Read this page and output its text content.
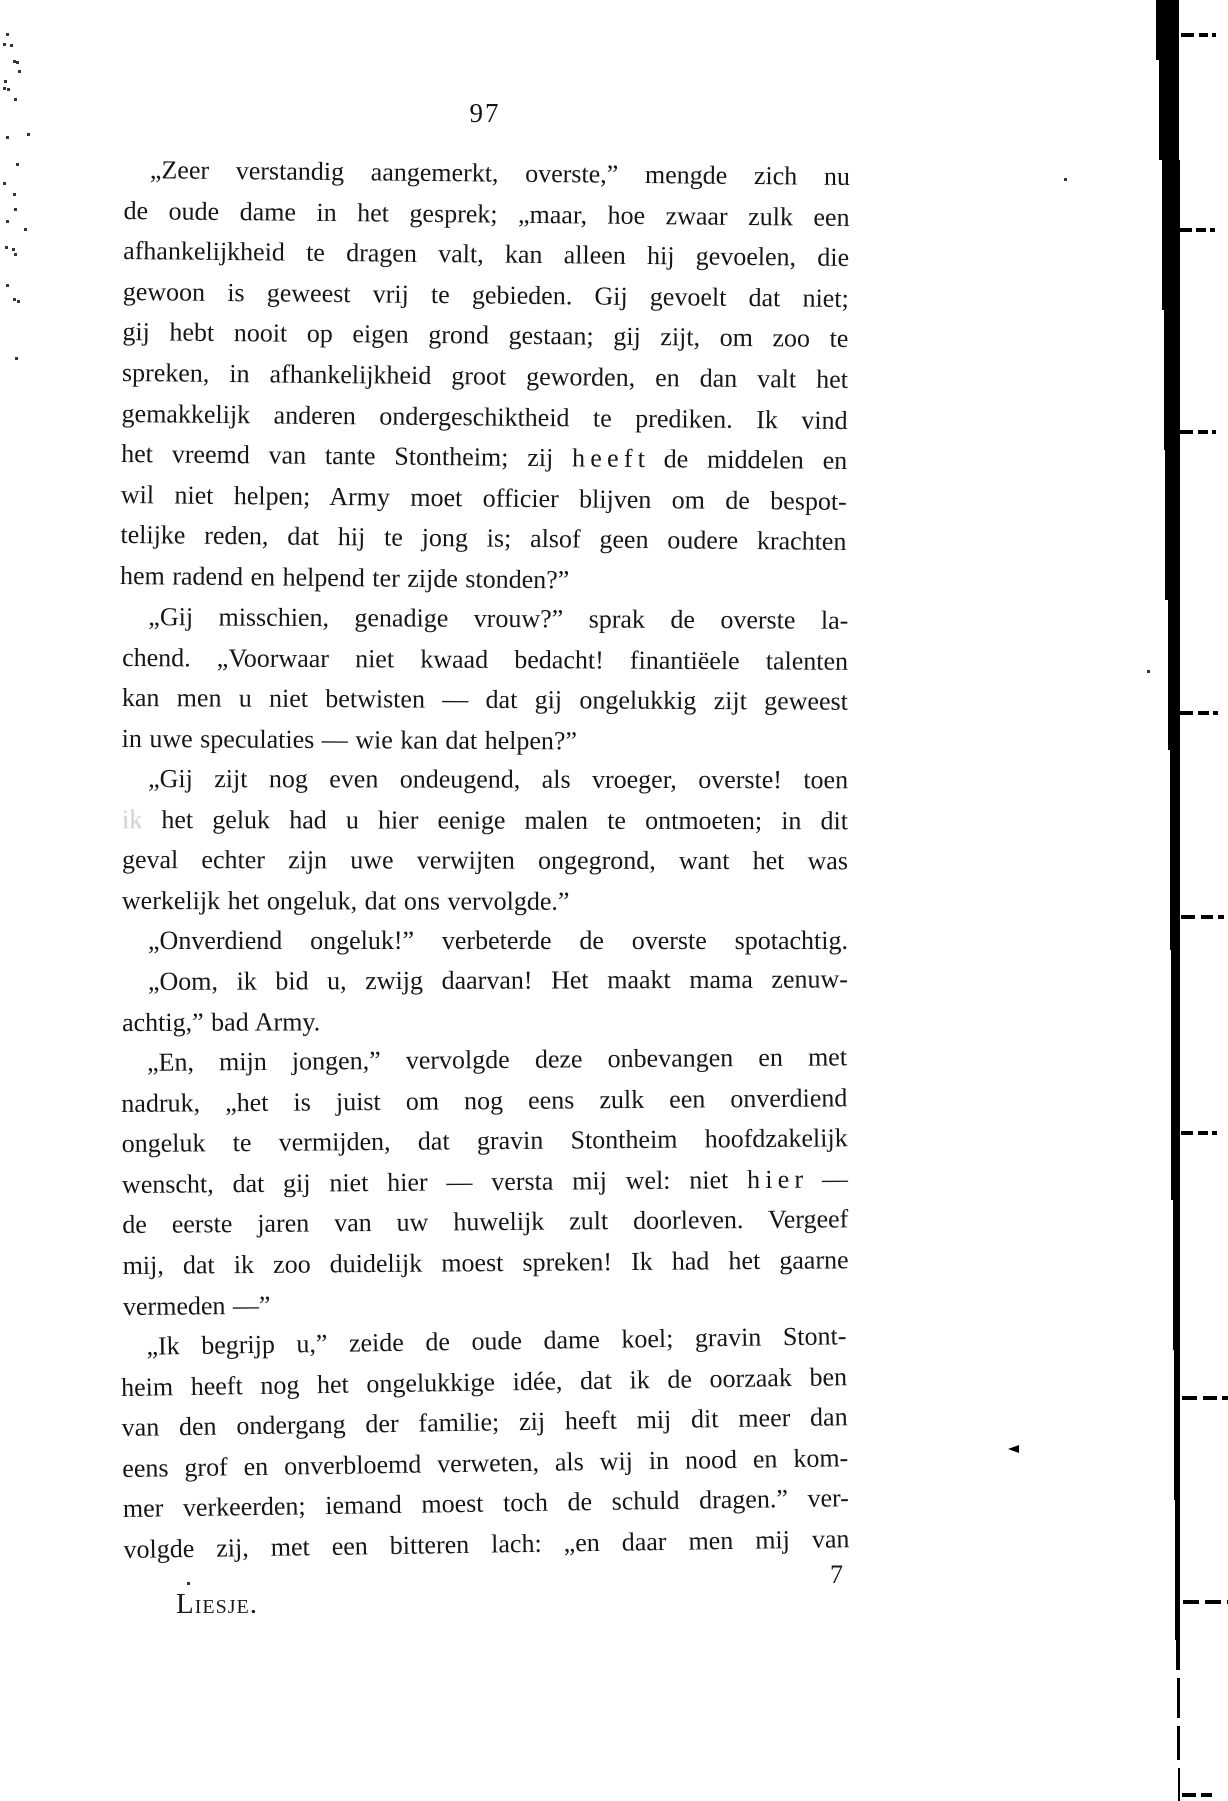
97
„Zeer verstandig aangemerkt, overste,” mengde zich nu
de oude dame in het gesprek; „maar, hoe zwaar zulk een
afhankelijkheid te dragen valt, kan alleen hij gevoelen, die
gewoon is geweest vrij te gebieden. Gij gevoelt dat niet;
gij hebt nooit op eigen grond gestaan; gij zijt, om zoo te
spreken, in afhankelijkheid groot geworden, en dan valt het
gemakkelijk anderen ondergeschiktheid te prediken. Ik vind
het vreemd van tante Stontheim; zij h e e f t de middelen en
wil niet helpen; Army moet officier blijven om de bespot-
telijke reden, dat hij te jong is; alsof geen oudere krachten
hem radend en helpend ter zijde stonden?”
„Gij misschien, genadige vrouw?” sprak de overste la-
chend. „Voorwaar niet kwaad bedacht! finantiëele talenten
kan men u niet betwisten — dat gij ongelukkig zijt geweest
in uwe speculaties — wie kan dat helpen?”
„Gij zijt nog even ondeugend, als vroeger, overste! toen
ik het geluk had u hier eenige malen te ontmoeten; in dit
geval echter zijn uwe verwijten ongegrond, want het was
werkelijk het ongeluk, dat ons vervolgde.”
„Onverdiend ongeluk!” verbeterde de overste spotachtig.
„Oom, ik bid u, zwijg daarvan! Het maakt mama zenuw-
achtig,” bad Army.
„En, mijn jongen,” vervolgde deze onbevangen en met
nadruk, „het is juist om nog eens zulk een onverdiend
ongeluk te vermijden, dat gravin Stontheim hoofdzakelijk
wenscht, dat gij niet hier — versta mij wel: niet h i e r —
de eerste jaren van uw huwelijk zult doorleven. Vergeef
mij, dat ik zoo duidelijk moest spreken! Ik had het gaarne
vermeden —”
„Ik begrijp u,” zeide de oude dame koel; gravin Stont-
heim heeft nog het ongelukkige idée, dat ik de oorzaak ben
van den ondergang der familie; zij heeft mij dit meer dan
eens grof en onverbloemd verweten, als wij in nood en kom-
mer verkeerden; iemand moest toch de schuld dragen.” ver-
volgde zij, met een bitteren lach: „en daar men mij van
Liesje.
7
